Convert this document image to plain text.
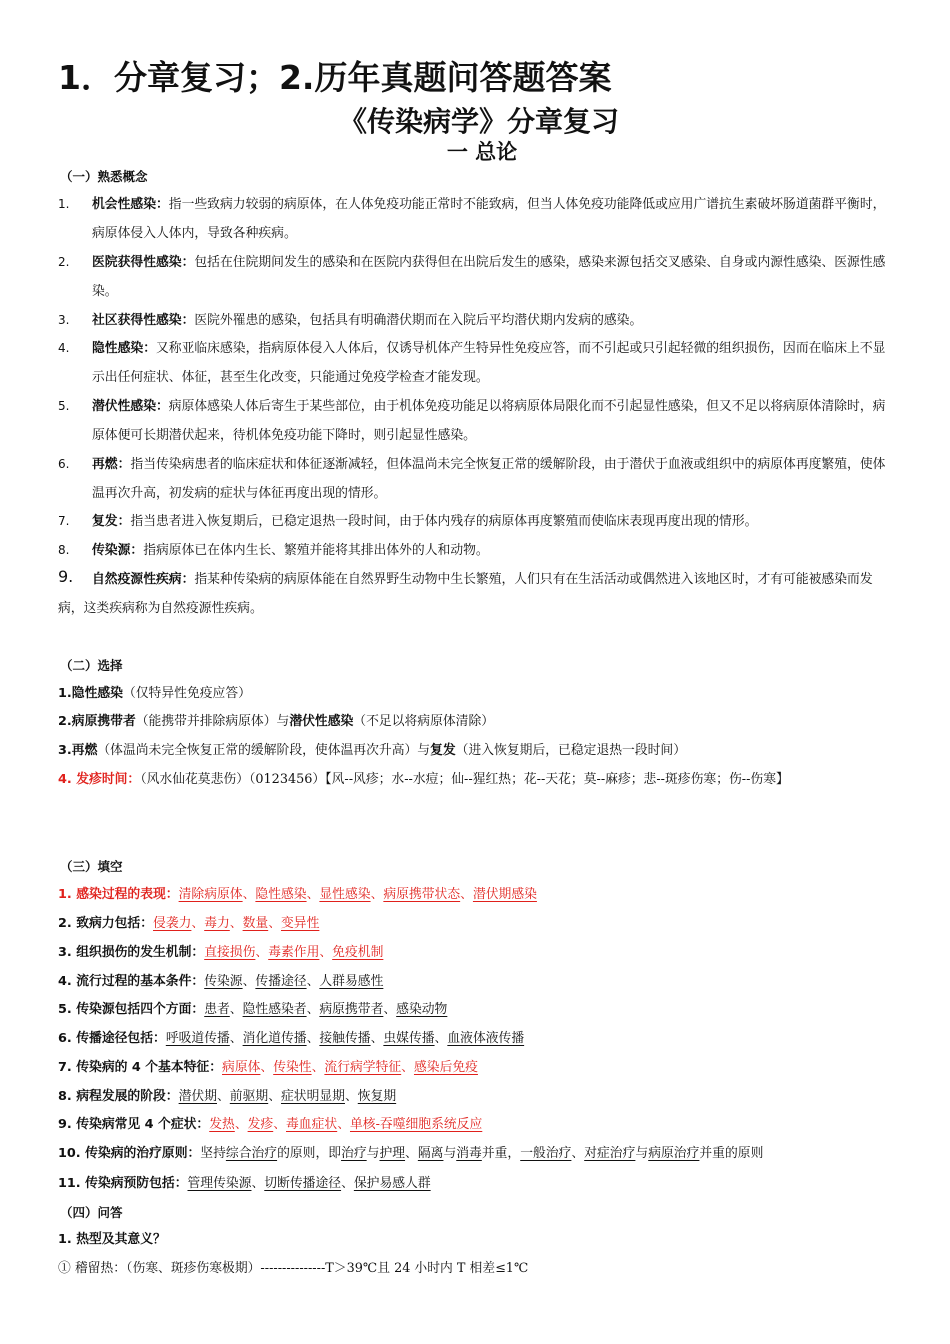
1．分章复习；2.历年真题问答题答案
《传染病学》分章复习
一 总论
（一）熟悉概念
1. 机会性感染：指一些致病力较弱的病原体，在人体免疫功能正常时不能致病，但当人体免疫功能降低或应用广谱抗生素破坏肠道菌群平衡时，病原体侵入人体内，导致各种疾病。
2. 医院获得性感染：包括在住院期间发生的感染和在医院内获得但在出院后发生的感染，感染来源包括交叉感染、自身或内源性感染、医源性感染。
3. 社区获得性感染：医院外罹患的感染，包括具有明确潜伏期而在入院后平均潜伏期内发病的感染。
4. 隐性感染：又称亚临床感染，指病原体侵入人体后，仅诱导机体产生特异性免疫应答，而不引起或只引起轻微的组织损伤，因而在临床上不显示出任何症状、体征，甚至生化改变，只能通过免疫学检查才能发现。
5. 潜伏性感染：病原体感染人体后寄生于某些部位，由于机体免疫功能足以将病原体局限化而不引起显性感染，但又不足以将病原体清除时，病原体便可长期潜伏起来，待机体免疫功能下降时，则引起显性感染。
6. 再燃：指当传染病患者的临床症状和体征逐渐减轻，但体温尚未完全恢复正常的缓解阶段，由于潜伏于血液或组织中的病原体再度繁殖，使体温再次升高，初发病的症状与体征再度出现的情形。
7. 复发：指当患者进入恢复期后，已稳定退热一段时间，由于体内残存的病原体再度繁殖而使临床表现再度出现的情形。
8. 传染源：指病原体已在体内生长、繁殖并能将其排出体外的人和动物。
9.	自然疫源性疾病：指某种传染病的病原体能在自然界野生动物中生长繁殖，人们只有在生活活动或偶然进入该地区时，才有可能被感染而发病，这类疾病称为自然疫源性疾病。
（二）选择
1.隐性感染（仅特异性免疫应答）
2.病原携带者（能携带并排除病原体）与潜伏性感染（不足以将病原体清除）
3.再燃（体温尚未完全恢复正常的缓解阶段，使体温再次升高）与复发（进入恢复期后，已稳定退热一段时间）
4. 发疹时间：（风水仙花莫悲伤）（0123456）【风--风疹；水--水痘；仙--猩红热；花--天花；莫--麻疹；悲--斑疹伤寒；伤--伤寒】
（三）填空
1. 感染过程的表现：清除病原体、隐性感染、显性感染、病原携带状态、潜伏期感染
2. 致病力包括：侵袭力、毒力、数量、变异性
3. 组织损伤的发生机制：直接损伤、毒素作用、免疫机制
4. 流行过程的基本条件：传染源、传播途径、人群易感性
5. 传染源包括四个方面：患者、隐性感染者、病原携带者、感染动物
6. 传播途径包括：呼吸道传播、消化道传播、接触传播、虫媒传播、血液体液传播
7. 传染病的 4 个基本特征：病原体、传染性、流行病学特征、感染后免疫
8. 病程发展的阶段：潜伏期、前驱期、症状明显期、恢复期
9. 传染病常见 4 个症状：发热、发疹、毒血症状、单核-吞噬细胞系统反应
10. 传染病的治疗原则：坚持综合治疗的原则，即治疗与护理、隔离与消毒并重，一般治疗、对症治疗与病原治疗并重的原则
11. 传染病预防包括：管理传染源、切断传播途径、保护易感人群
（四）问答
1. 热型及其意义？
① 稽留热：（伤寒、斑疹伤寒极期）---------------T＞39℃且 24 小时内 T 相差≤1℃
